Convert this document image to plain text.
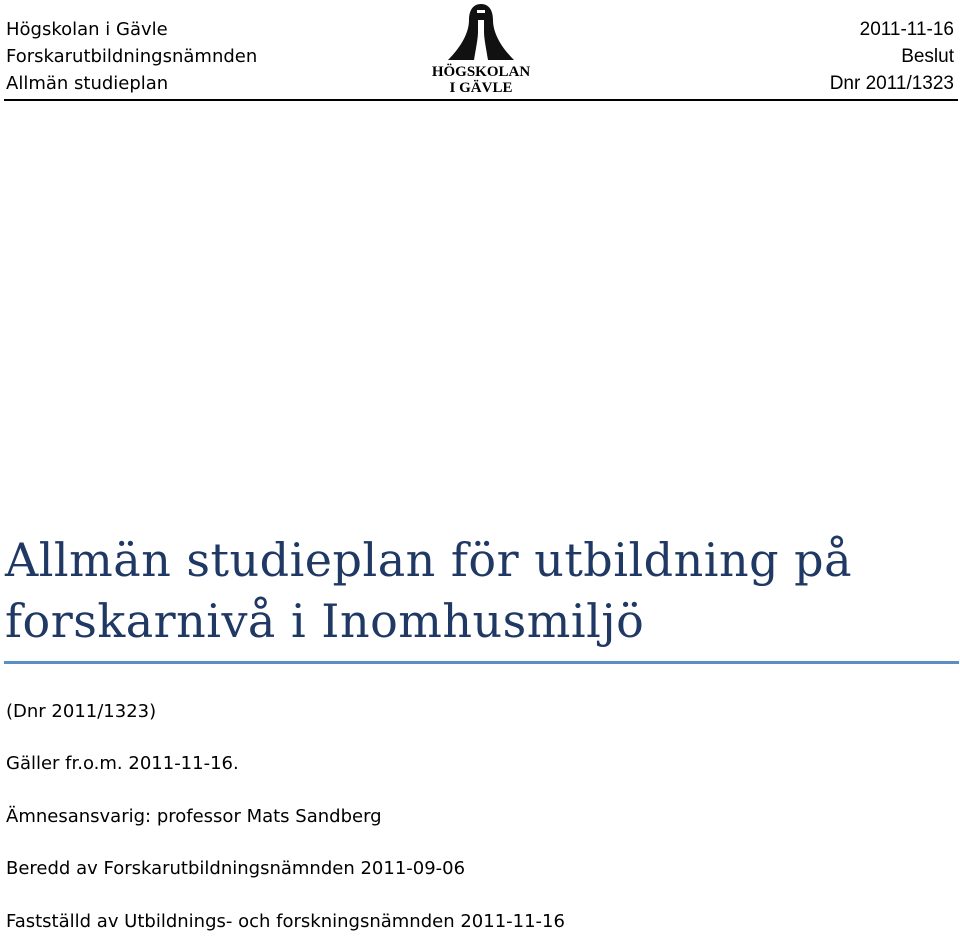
Högskolan i Gävle
Forskarutbildningsnämnden
Allmän studieplan
HÖGSKOLAN
I GÄVLE
2011-11-16
Beslut
Dnr 2011/1323
Allmän studieplan för utbildning på
forskarnivå i Inomhusmiljö
(Dnr 2011/1323)
Gäller fr.o.m. 2011-11-16.
Ämnesansvarig: professor Mats Sandberg
Beredd av Forskarutbildningsnämnden 2011-09-06
Fastställd av Utbildnings- och forskningsnämnden 2011-11-16
